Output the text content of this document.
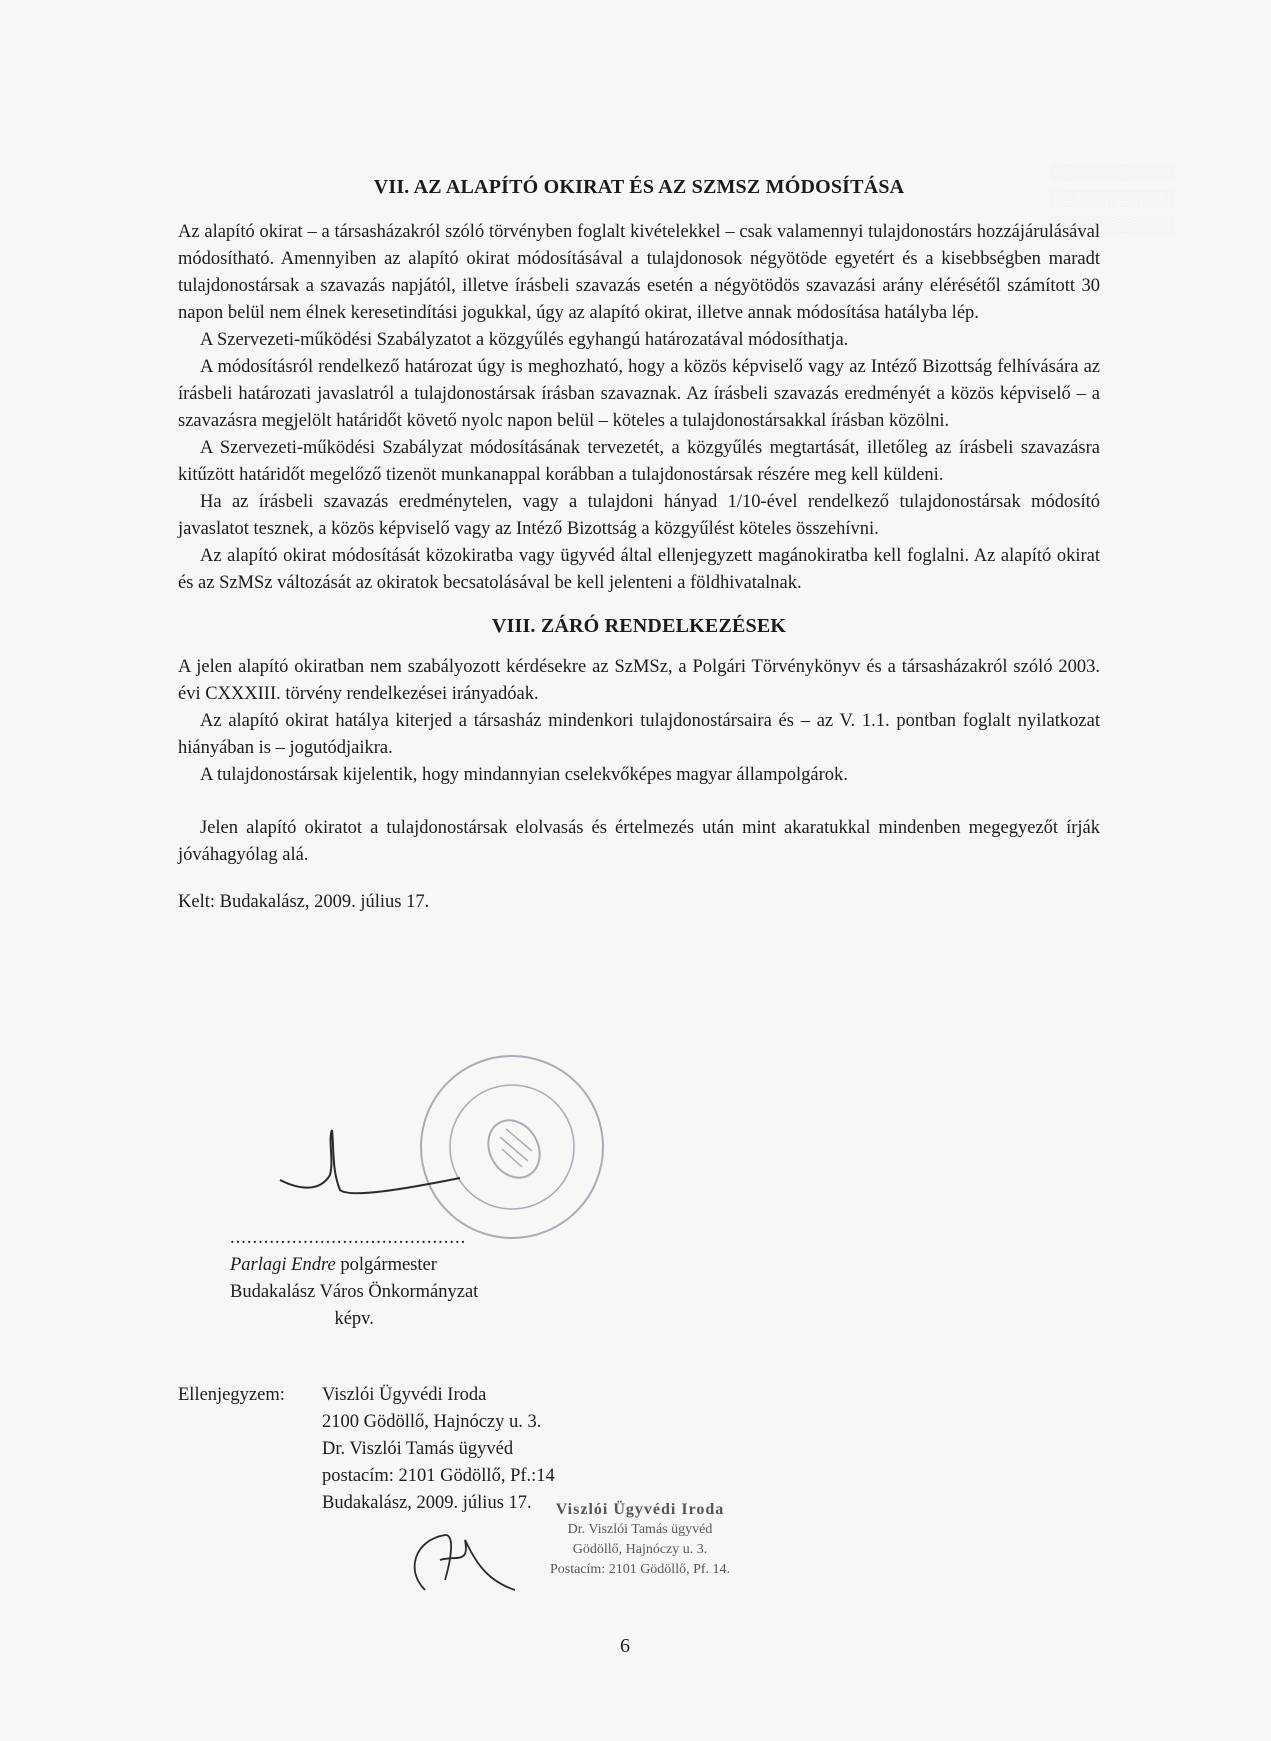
░░░░░░░░░░░
░░░░░░░░░░░
░░░░░░░░░░░
VII. AZ ALAPÍTÓ OKIRAT ÉS AZ SZMSZ MÓDOSÍTÁSA

Az alapító okirat – a társasházakról szóló törvényben foglalt kivételekkel – csak valamennyi tulajdonostárs hozzájárulásával módosítható. Amennyiben az alapító okirat módosításával a tulajdonosok négyötöde egyetért és a kisebbségben maradt tulajdonostársak a szavazás napjától, illetve írásbeli szavazás esetén a négyötödös szavazási arány elérésétől számított 30 napon belül nem élnek keresetindítási jogukkal, úgy az alapító okirat, illetve annak módosítása hatályba lép.

A Szervezeti-működési Szabályzatot a közgyűlés egyhangú határozatával módosíthatja.

A módosításról rendelkező határozat úgy is meghozható, hogy a közös képviselő vagy az Intéző Bizottság felhívására az írásbeli határozati javaslatról a tulajdonostársak írásban szavaznak. Az írásbeli szavazás eredményét a közös képviselő – a szavazásra megjelölt határidőt követő nyolc napon belül – köteles a tulajdonostársakkal írásban közölni.

A Szervezeti-működési Szabályzat módosításának tervezetét, a közgyűlés megtartását, illetőleg az írásbeli szavazásra kitűzött határidőt megelőző tizenöt munkanappal korábban a tulajdonostársak részére meg kell küldeni.

Ha az írásbeli szavazás eredménytelen, vagy a tulajdoni hányad 1/10-ével rendelkező tulajdonostársak módosító javaslatot tesznek, a közös képviselő vagy az Intéző Bizottság a közgyűlést köteles összehívni.

Az alapító okirat módosítását közokiratba vagy ügyvéd által ellenjegyzett magánokiratba kell foglalni. Az alapító okirat és az SzMSz változását az okiratok becsatolásával be kell jelenteni a földhivatalnak.

VIII. ZÁRÓ RENDELKEZÉSEK

A jelen alapító okiratban nem szabályozott kérdésekre az SzMSz, a Polgári Törvénykönyv és a társasházakról szóló 2003. évi CXXXIII. törvény rendelkezései irányadóak.

Az alapító okirat hatálya kiterjed a társasház mindenkori tulajdonostársaira és – az V. 1.1. pontban foglalt nyilatkozat hiányában is – jogutódjaikra.

A tulajdonostársak kijelentik, hogy mindannyian cselekvőképes magyar állampolgárok.

Jelen alapító okiratot a tulajdonostársak elolvasás és értelmezés után mint akaratukkal mindenben megegyezőt írják jóváhagyólag alá.

Kelt: Budakalász, 2009. július 17.

..........................................
Parlagi Endre polgármester
Budakalász Város Önkormányzat
képv.
Ellenjegyzem:	Viszlói Ügyvédi Iroda
2100 Gödöllő, Hajnóczy u. 3.
Dr. Viszlói Tamás ügyvéd
postacím: 2101 Gödöllő, Pf.:14
Budakalász, 2009. július 17.	Viszlói Ügyvédi Iroda
Dr. Viszlói Tamás ügyvéd
Gödöllő, Hajnóczy u. 3.
Postacím: 2101 Gödöllő, Pf. 14.
6
